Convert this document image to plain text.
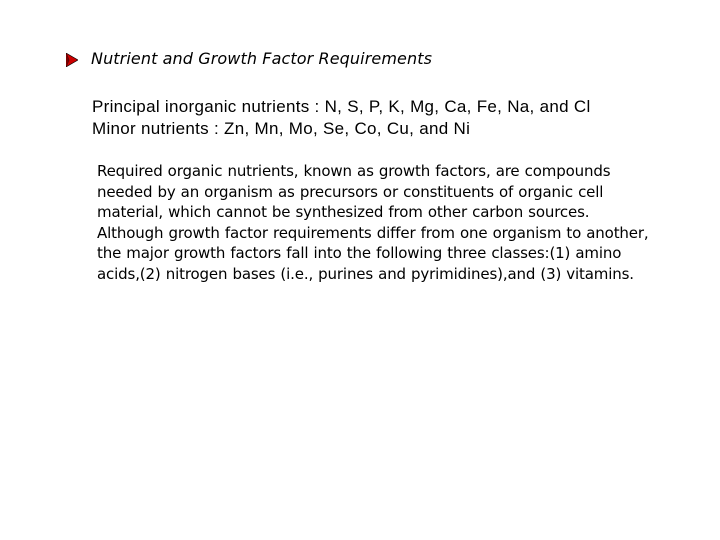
Nutrient and Growth Factor Requirements
Principal inorganic nutrients : N, S, P, K, Mg, Ca, Fe, Na, and Cl
Minor nutrients : Zn, Mn, Mo, Se, Co, Cu, and Ni
Required organic nutrients, known as growth factors, are compounds
needed by an organism as precursors or constituents of organic cell
material, which cannot be synthesized from other carbon sources.
Although growth factor requirements differ from one organism to another,
the major growth factors fall into the following three classes:(1) amino
acids,(2) nitrogen bases (i.e., purines and pyrimidines),and (3) vitamins.
